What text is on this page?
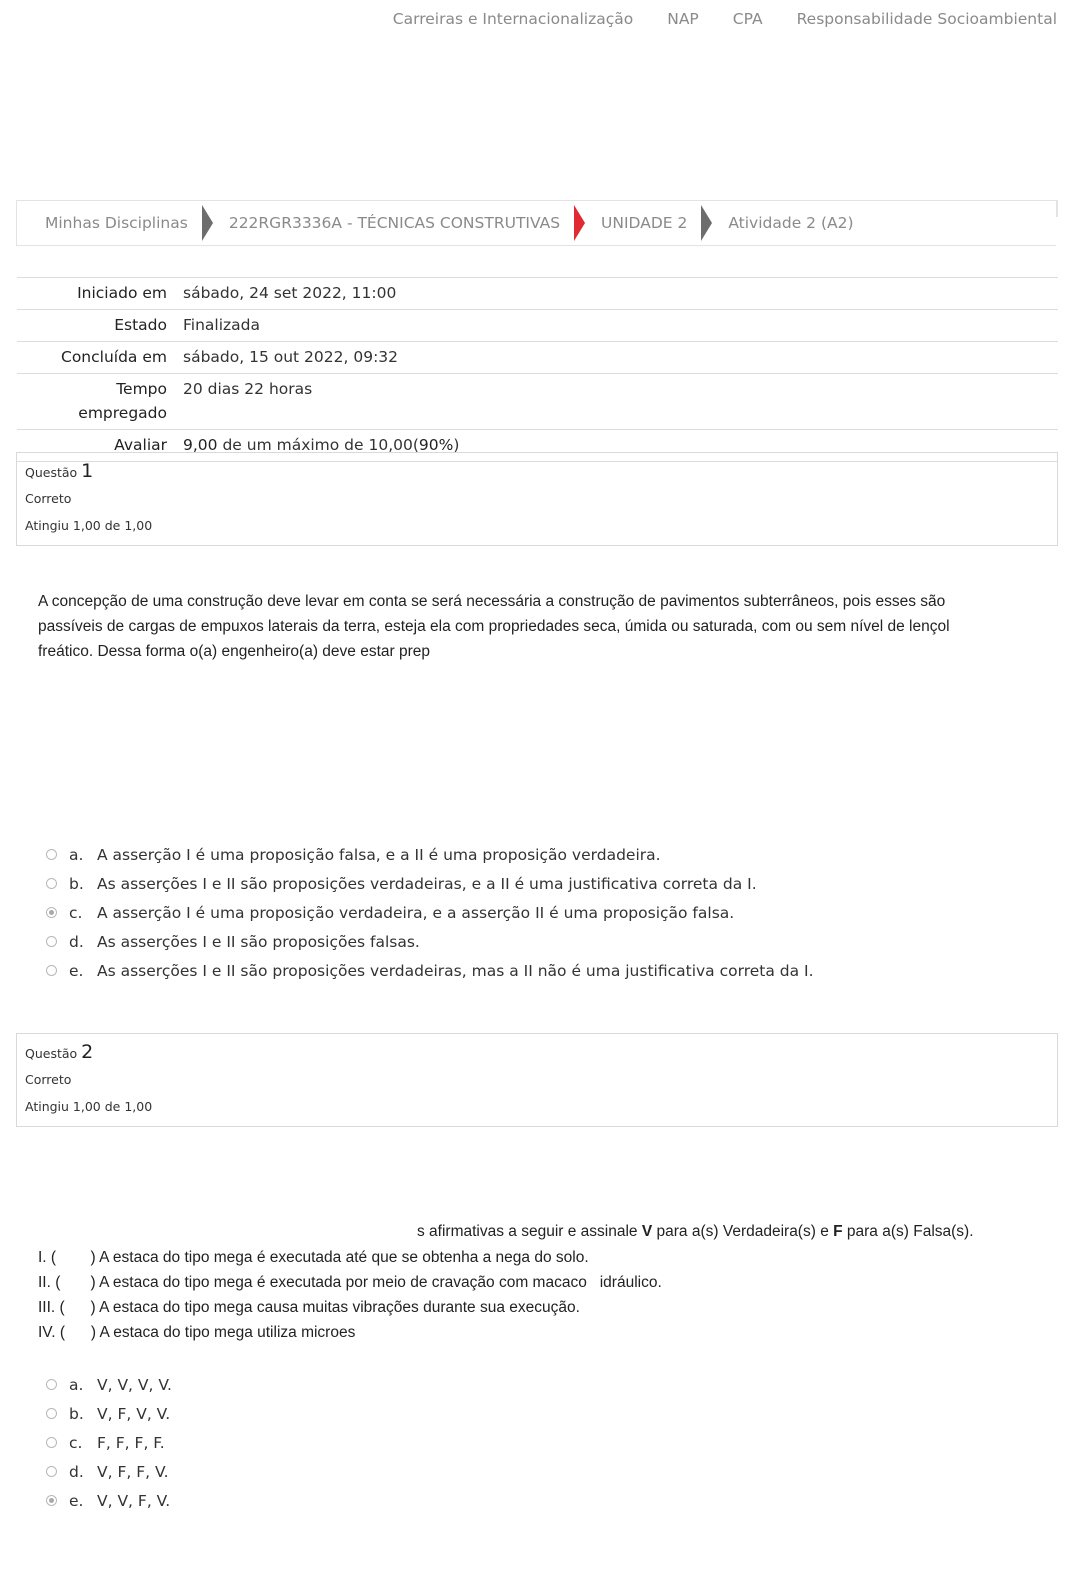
Carreiras e Internacionalização NAP CPA Responsabilidade Socioambiental
Minhas Disciplinas	222RGR3336A - TÉCNICAS CONSTRUTIVAS	UNIDADE 2	Atividade 2 (A2)
Iniciado em	sábado, 24 set 2022, 11:00
Estado	Finalizada
Concluída em	sábado, 15 out 2022, 09:32
Tempo
empregado	20 dias 22 horas
Avaliar	9,00 de um máximo de 10,00(90%)
Questão 1
Correto
Atingiu 1,00 de 1,00
A concepção de uma construção deve levar em conta se será necessária a construção de pavimentos subterrâneos, pois esses são passíveis de cargas de empuxos laterais da terra, esteja ela com propriedades seca, úmida ou saturada, com ou sem nível de lençol freático. Dessa forma o(a) engenheiro(a) deve estar prep
a. A asserção I é uma proposição falsa, e a II é uma proposição verdadeira.
b. As asserções I e II são proposições verdadeiras, e a II é uma justificativa correta da I.
c. A asserção I é uma proposição verdadeira, e a asserção II é uma proposição falsa.
d. As asserções I e II são proposições falsas.
e. As asserções I e II são proposições verdadeiras, mas a II não é uma justificativa correta da I.
Questão 2
Correto
Atingiu 1,00 de 1,00
s afirmativas a seguir e assinale V para a(s) Verdadeira(s) e F para a(s) Falsa(s).
I. (        ) A estaca do tipo mega é executada até que se obtenha a nega do solo.
II. (       ) A estaca do tipo mega é executada por meio de cravação com macaco   idráulico.
III. (      ) A estaca do tipo mega causa muitas vibrações durante sua execução.
IV. (      ) A estaca do tipo mega utiliza microes
a. V, V, V, V.
b. V, F, V, V.
c. F, F, F, F.
d. V, F, F, V.
e. V, V, F, V.
